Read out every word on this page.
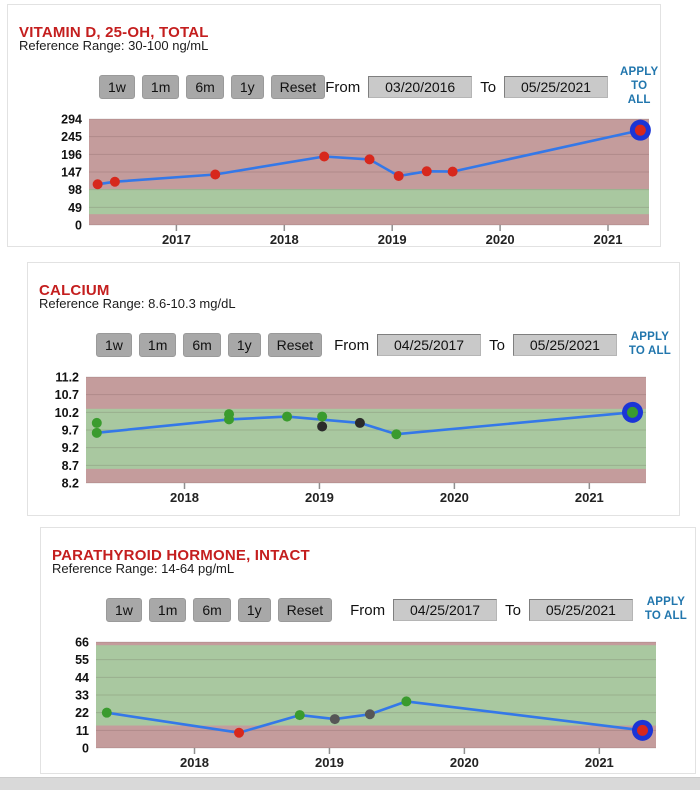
VITAMIN D, 25-OH, TOTAL
Reference Range: 30-100 ng/mL
1w	1m	6m	1y	Reset From
03/20/2016	To
05/25/2021
APPLY
TO ALL
294
245
196
147
98
49
0
2017	2018	2019	2020	2021
CALCIUM
Reference Range: 8.6-10.3 mg/dL
1w	1m	6m	1y	Reset	From
04/25/2017	To
05/25/2021	APPLY
TO ALL
11.2
10.7
10.2
9.7
9.2
8.7
8.2
2018	2019	2020	2021
PARATHYROID HORMONE, INTACT
Reference Range: 14-64 pg/mL
1w	1m	6m	1y	Reset	From
04/25/2017	To
05/25/2021	APPLY
TO ALL
66
55
44
33
22
11
0
2018	2019	2020	2021
